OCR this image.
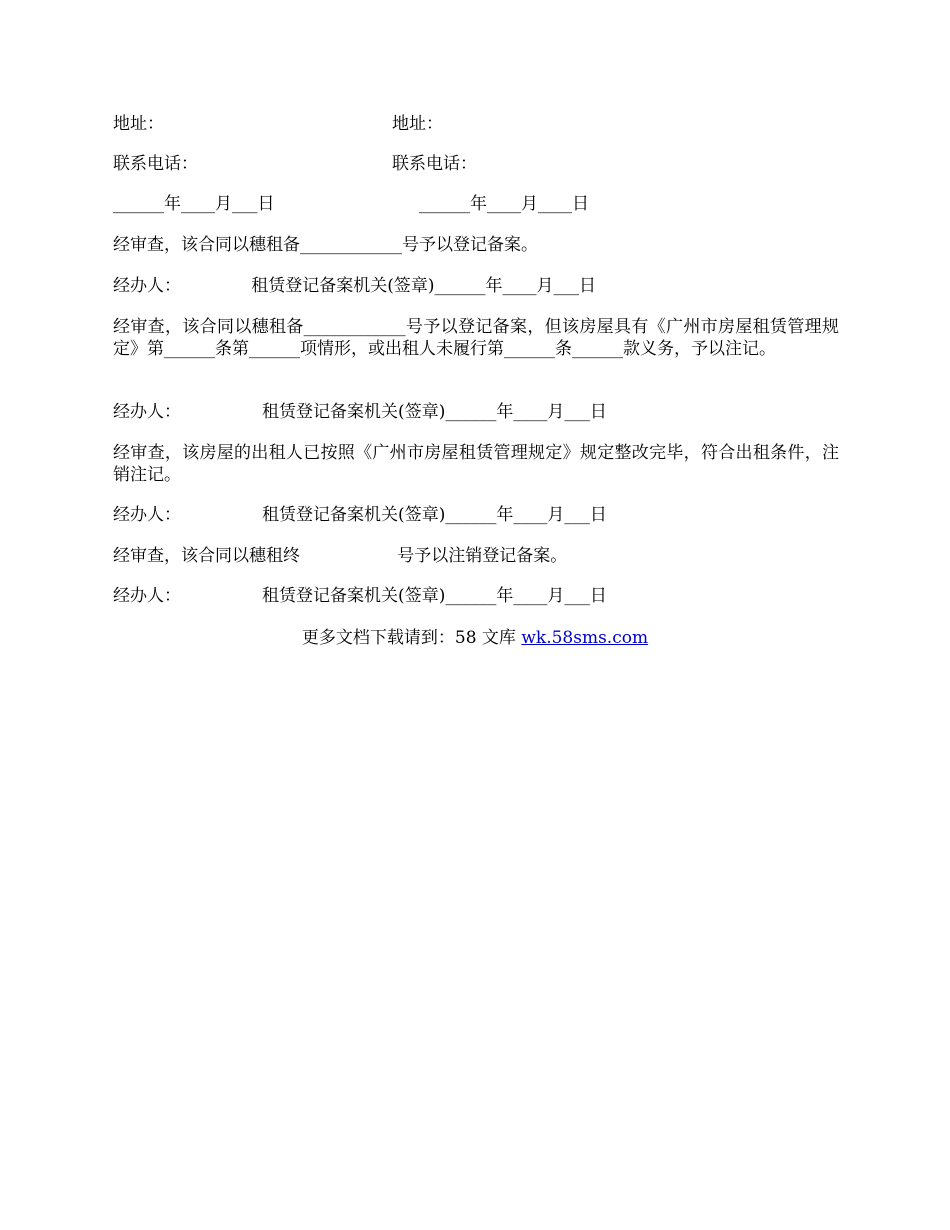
地址：	地址：
联系电话：	联系电话：
______年____月___日	______年____月____日
经审查，该合同以穗租备____________号予以登记备案。
经办人：             租赁登记备案机关(签章)______年____月___日
经审查，该合同以穗租备____________号予以登记备案，但该房屋具有《广州市房屋租赁管理规定》第______条第______项情形，或出租人未履行第______条______款义务，予以注记。
经办人：               租赁登记备案机关(签章)______年____月___日
经审查，该房屋的出租人已按照《广州市房屋租赁管理规定》规定整改完毕，符合出租条件，注销注记。
经办人：               租赁登记备案机关(签章)______年____月___日
经审查，该合同以穗租终                  号予以注销登记备案。
经办人：               租赁登记备案机关(签章)______年____月___日
更多文档下载请到：58 文库 wk.58sms.com
